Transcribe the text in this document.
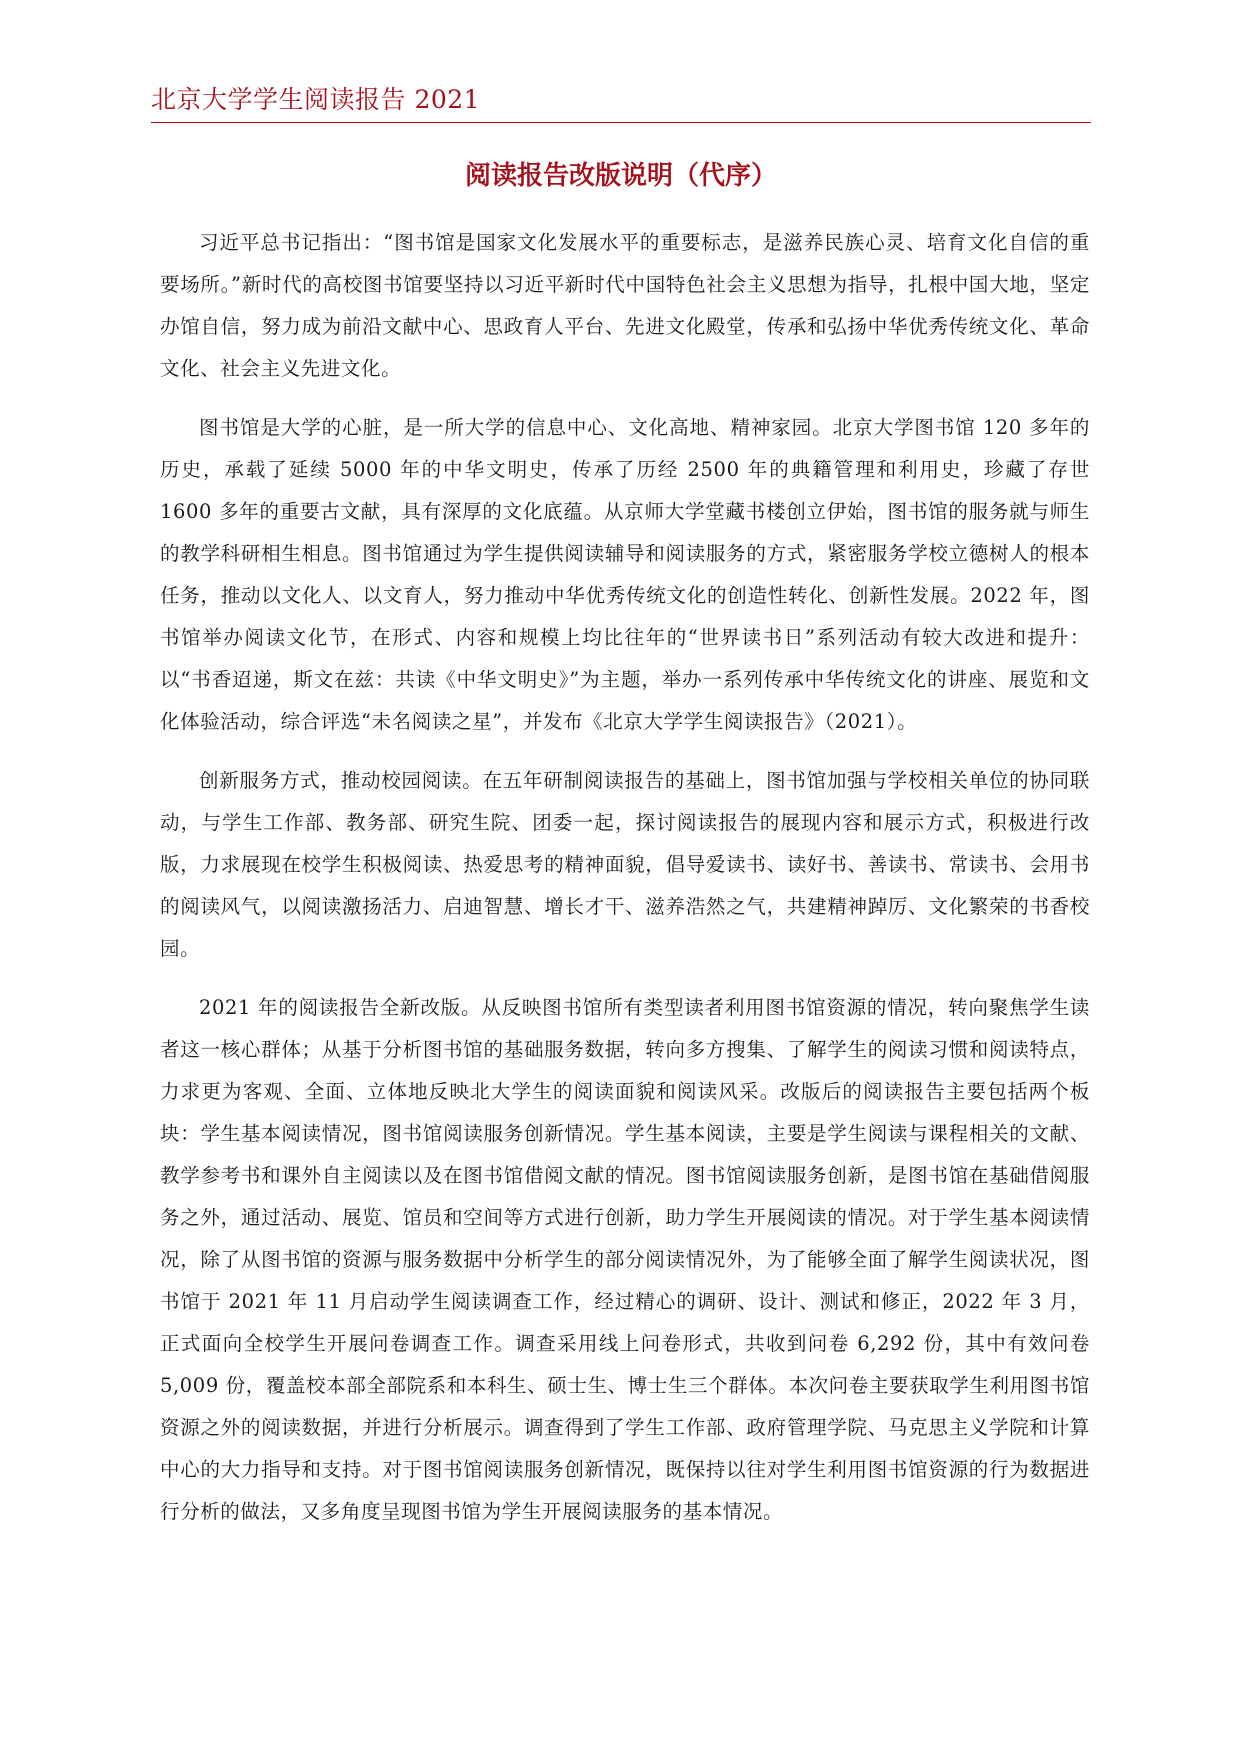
北京大学学生阅读报告 2021
阅读报告改版说明（代序）

习近平总书记指出：“图书馆是国家文化发展水平的重要标志，是滋养民族心灵、培育文化自信的重要场所。”新时代的高校图书馆要坚持以习近平新时代中国特色社会主义思想为指导，扎根中国大地，坚定办馆自信，努力成为前沿文献中心、思政育人平台、先进文化殿堂，传承和弘扬中华优秀传统文化、革命文化、社会主义先进文化。

图书馆是大学的心脏，是一所大学的信息中心、文化高地、精神家园。北京大学图书馆 120 多年的历史，承载了延续 5000 年的中华文明史，传承了历经 2500 年的典籍管理和利用史，珍藏了存世 1600 多年的重要古文献，具有深厚的文化底蕴。从京师大学堂藏书楼创立伊始，图书馆的服务就与师生的教学科研相生相息。图书馆通过为学生提供阅读辅导和阅读服务的方式，紧密服务学校立德树人的根本任务，推动以文化人、以文育人，努力推动中华优秀传统文化的创造性转化、创新性发展。2022 年，图书馆举办阅读文化节，在形式、内容和规模上均比往年的“世界读书日”系列活动有较大改进和提升：以“书香迢递，斯文在兹：共读《中华文明史》”为主题，举办一系列传承中华传统文化的讲座、展览和文化体验活动，综合评选“未名阅读之星”，并发布《北京大学学生阅读报告》（2021）。

创新服务方式，推动校园阅读。在五年研制阅读报告的基础上，图书馆加强与学校相关单位的协同联动，与学生工作部、教务部、研究生院、团委一起，探讨阅读报告的展现内容和展示方式，积极进行改版，力求展现在校学生积极阅读、热爱思考的精神面貌，倡导爱读书、读好书、善读书、常读书、会用书的阅读风气，以阅读激扬活力、启迪智慧、增长才干、滋养浩然之气，共建精神踔厉、文化繁荣的书香校园。

2021 年的阅读报告全新改版。从反映图书馆所有类型读者利用图书馆资源的情况，转向聚焦学生读者这一核心群体；从基于分析图书馆的基础服务数据，转向多方搜集、了解学生的阅读习惯和阅读特点，力求更为客观、全面、立体地反映北大学生的阅读面貌和阅读风采。改版后的阅读报告主要包括两个板块：学生基本阅读情况，图书馆阅读服务创新情况。学生基本阅读，主要是学生阅读与课程相关的文献、教学参考书和课外自主阅读以及在图书馆借阅文献的情况。图书馆阅读服务创新，是图书馆在基础借阅服务之外，通过活动、展览、馆员和空间等方式进行创新，助力学生开展阅读的情况。对于学生基本阅读情况，除了从图书馆的资源与服务数据中分析学生的部分阅读情况外，为了能够全面了解学生阅读状况，图书馆于 2021 年 11 月启动学生阅读调查工作，经过精心的调研、设计、测试和修正，2022 年 3 月，正式面向全校学生开展问卷调查工作。调查采用线上问卷形式，共收到问卷 6,292 份，其中有效问卷 5,009 份，覆盖校本部全部院系和本科生、硕士生、博士生三个群体。本次问卷主要获取学生利用图书馆资源之外的阅读数据，并进行分析展示。调查得到了学生工作部、政府管理学院、马克思主义学院和计算中心的大力指导和支持。对于图书馆阅读服务创新情况，既保持以往对学生利用图书馆资源的行为数据进行分析的做法，又多角度呈现图书馆为学生开展阅读服务的基本情况。
